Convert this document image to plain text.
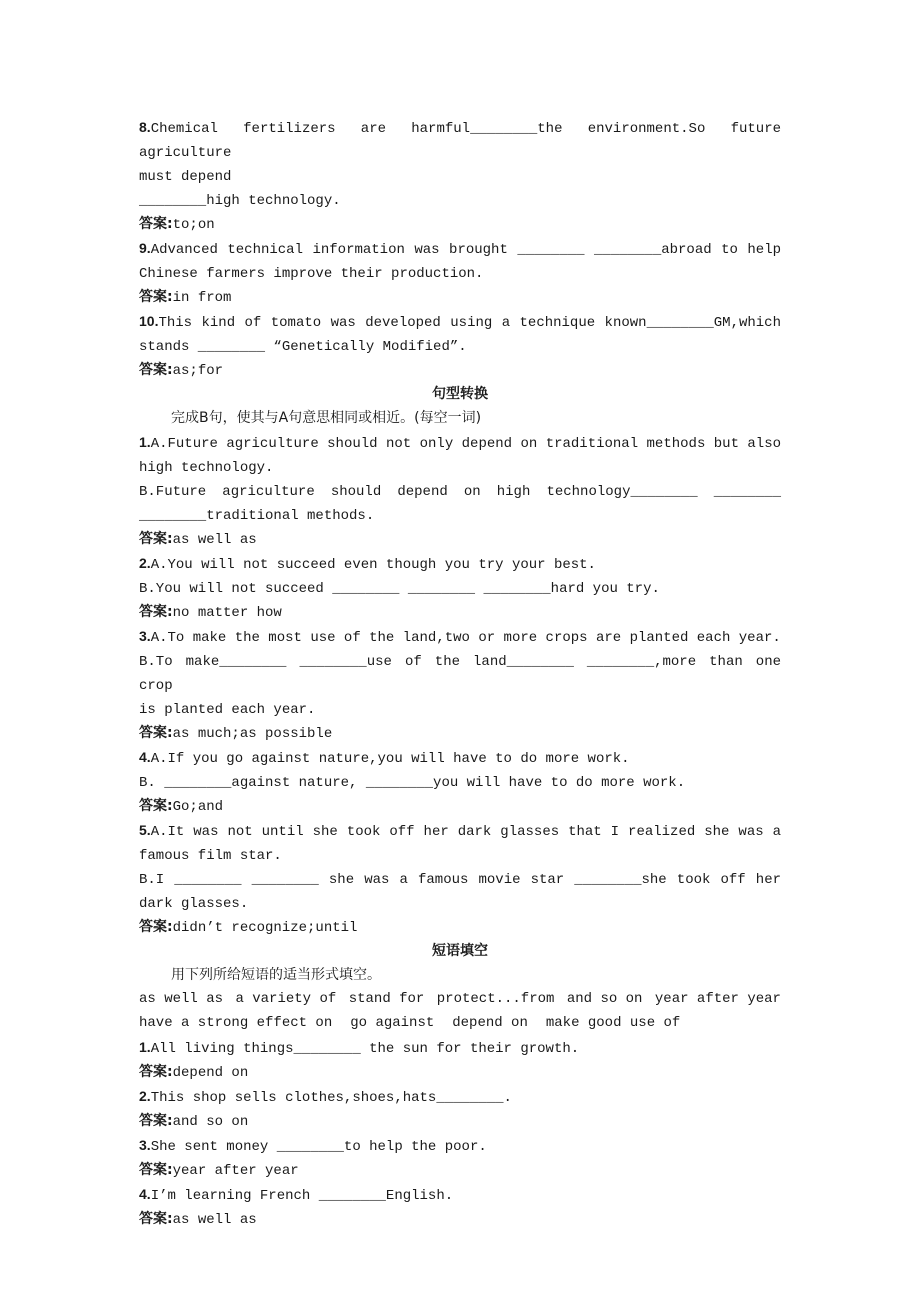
8.Chemical fertilizers are harmful________the environment.So future agriculture

must depend

________high technology.

答案:to;on

9.Advanced technical information was brought ________ ________abroad to help

Chinese farmers improve their production.

答案:in from

10.This kind of tomato was developed using a technique known________GM,which

stands ________ “Genetically Modified”.

答案:as;for

句型转换

完成B句，使其与A句意思相同或相近。(每空一词)

1.A.Future agriculture should not only depend on traditional methods but also

high technology.

B.Future agriculture should depend on high technology________ ________

________traditional methods.

答案:as well as

2.A.You will not succeed even though you try your best.

B.You will not succeed ________ ________ ________hard you try.

答案:no matter how

3.A.To make the most use of the land,two or more crops are planted each year.

B.To make________ ________use of the land________ ________,more than one crop

is planted each year.

答案:as much;as possible

4.A.If you go against nature,you will have to do more work.

B. ________against nature, ________you will have to do more work.

答案:Go;and

5.A.It was not until she took off her dark glasses that I realized she was a

famous film star.

B.I ________ ________ she was a famous movie star ________she took off her

dark glasses.

答案:didn’t recognize;until

短语填空

用下列所给短语的适当形式填空。

as well as a variety of stand for protect...from and so on year after year
have a strong effect on go against depend on make good use of

1.All living things________ the sun for their growth.

答案:depend on

2.This shop sells clothes,shoes,hats________.

答案:and so on

3.She sent money ________to help the poor.

答案:year after year

4.I’m learning French ________English.

答案:as well as
